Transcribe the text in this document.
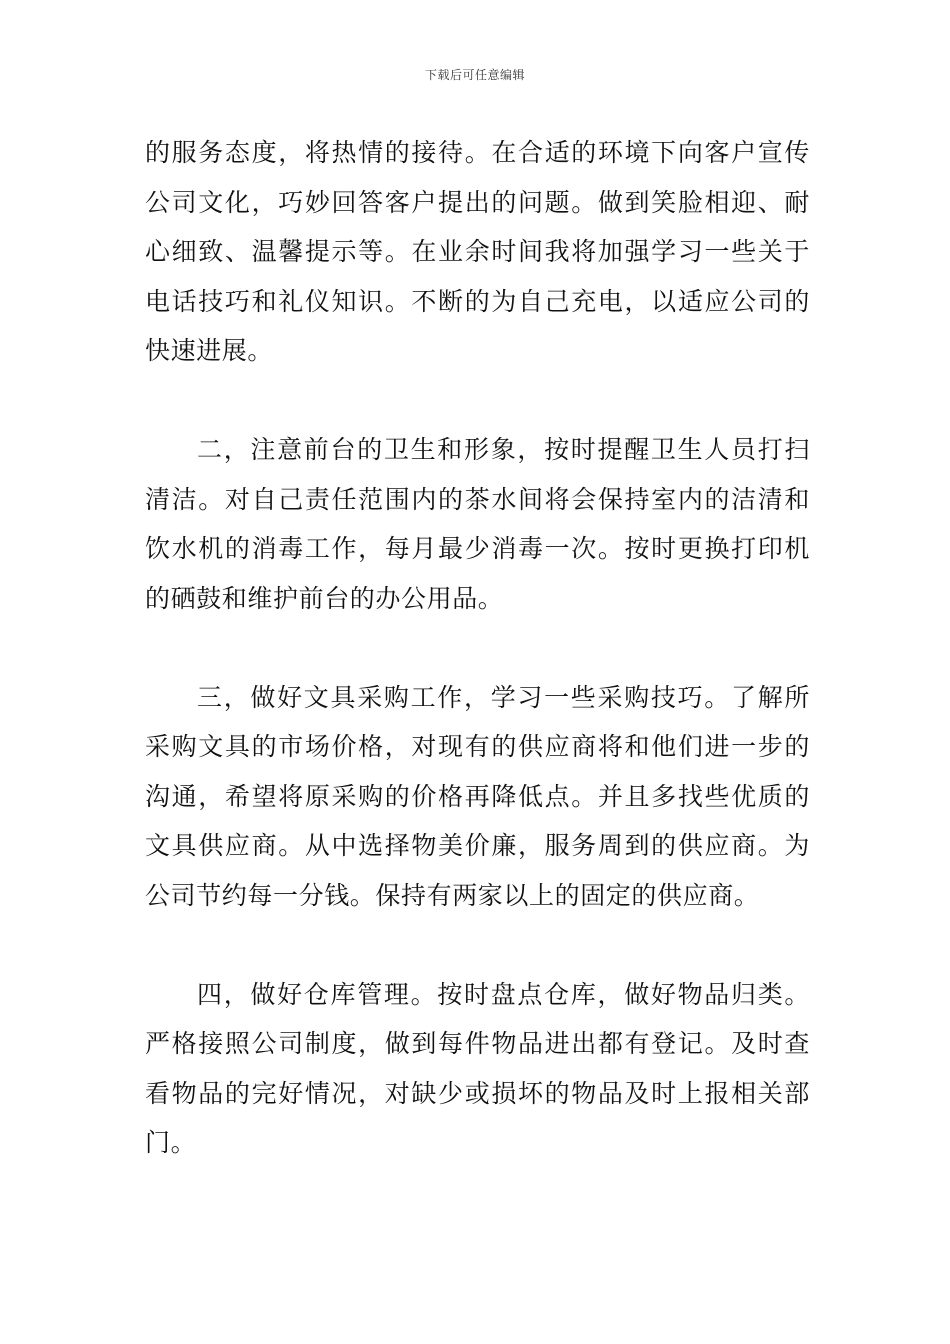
下载后可任意编辑

的服务态度，将热情的接待。在合适的环境下向客户宣传公司文化，巧妙回答客户提出的问题。做到笑脸相迎、耐心细致、温馨提示等。在业余时间我将加强学习一些关于电话技巧和礼仪知识。不断的为自己充电，以适应公司的快速进展。

二，注意前台的卫生和形象，按时提醒卫生人员打扫清洁。对自己责任范围内的茶水间将会保持室内的洁清和饮水机的消毒工作，每月最少消毒一次。按时更换打印机的硒鼓和维护前台的办公用品。

三，做好文具采购工作，学习一些采购技巧。了解所采购文具的市场价格，对现有的供应商将和他们进一步的沟通，希望将原采购的价格再降低点。并且多找些优质的文具供应商。从中选择物美价廉，服务周到的供应商。为公司节约每一分钱。保持有两家以上的固定的供应商。

四，做好仓库管理。按时盘点仓库，做好物品归类。严格接照公司制度，做到每件物品进出都有登记。及时查看物品的完好情况，对缺少或损坏的物品及时上报相关部门。
